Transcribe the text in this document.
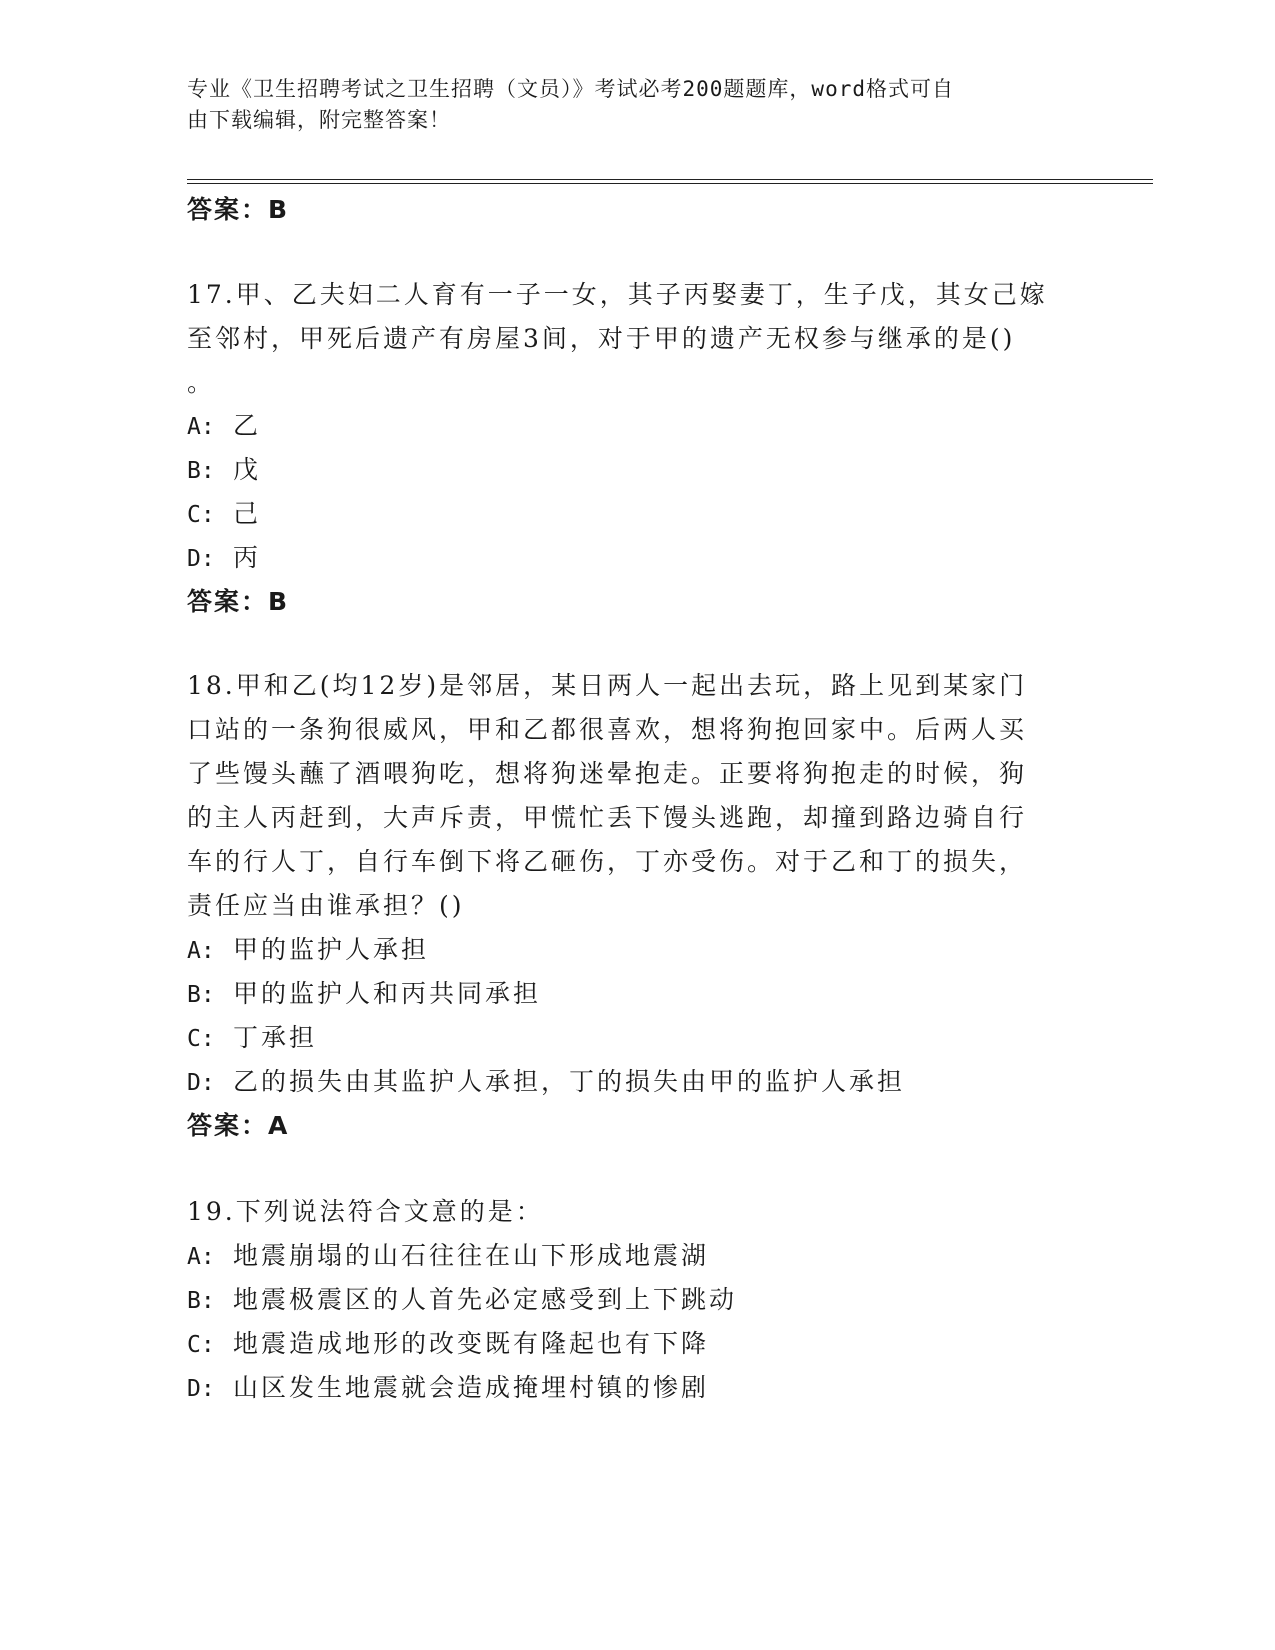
专业《卫生招聘考试之卫生招聘（文员）》考试必考200题题库，word格式可自
由下载编辑，附完整答案！

答案：B

17.甲、乙夫妇二人育有一子一女，其子丙娶妻丁，生子戊，其女己嫁

至邻村，甲死后遗产有房屋3间，对于甲的遗产无权参与继承的是()

。

A: 乙

B: 戊

C: 己

D: 丙

答案：B

18.甲和乙(均12岁)是邻居，某日两人一起出去玩，路上见到某家门

口站的一条狗很威风，甲和乙都很喜欢，想将狗抱回家中。后两人买

了些馒头蘸了酒喂狗吃，想将狗迷晕抱走。正要将狗抱走的时候，狗

的主人丙赶到，大声斥责，甲慌忙丢下馒头逃跑，却撞到路边骑自行

车的行人丁，自行车倒下将乙砸伤，丁亦受伤。对于乙和丁的损失，

责任应当由谁承担？()

A: 甲的监护人承担

B: 甲的监护人和丙共同承担

C: 丁承担

D: 乙的损失由其监护人承担，丁的损失由甲的监护人承担

答案：A

19.下列说法符合文意的是：

A: 地震崩塌的山石往往在山下形成地震湖

B: 地震极震区的人首先必定感受到上下跳动

C: 地震造成地形的改变既有隆起也有下降

D: 山区发生地震就会造成掩埋村镇的惨剧
